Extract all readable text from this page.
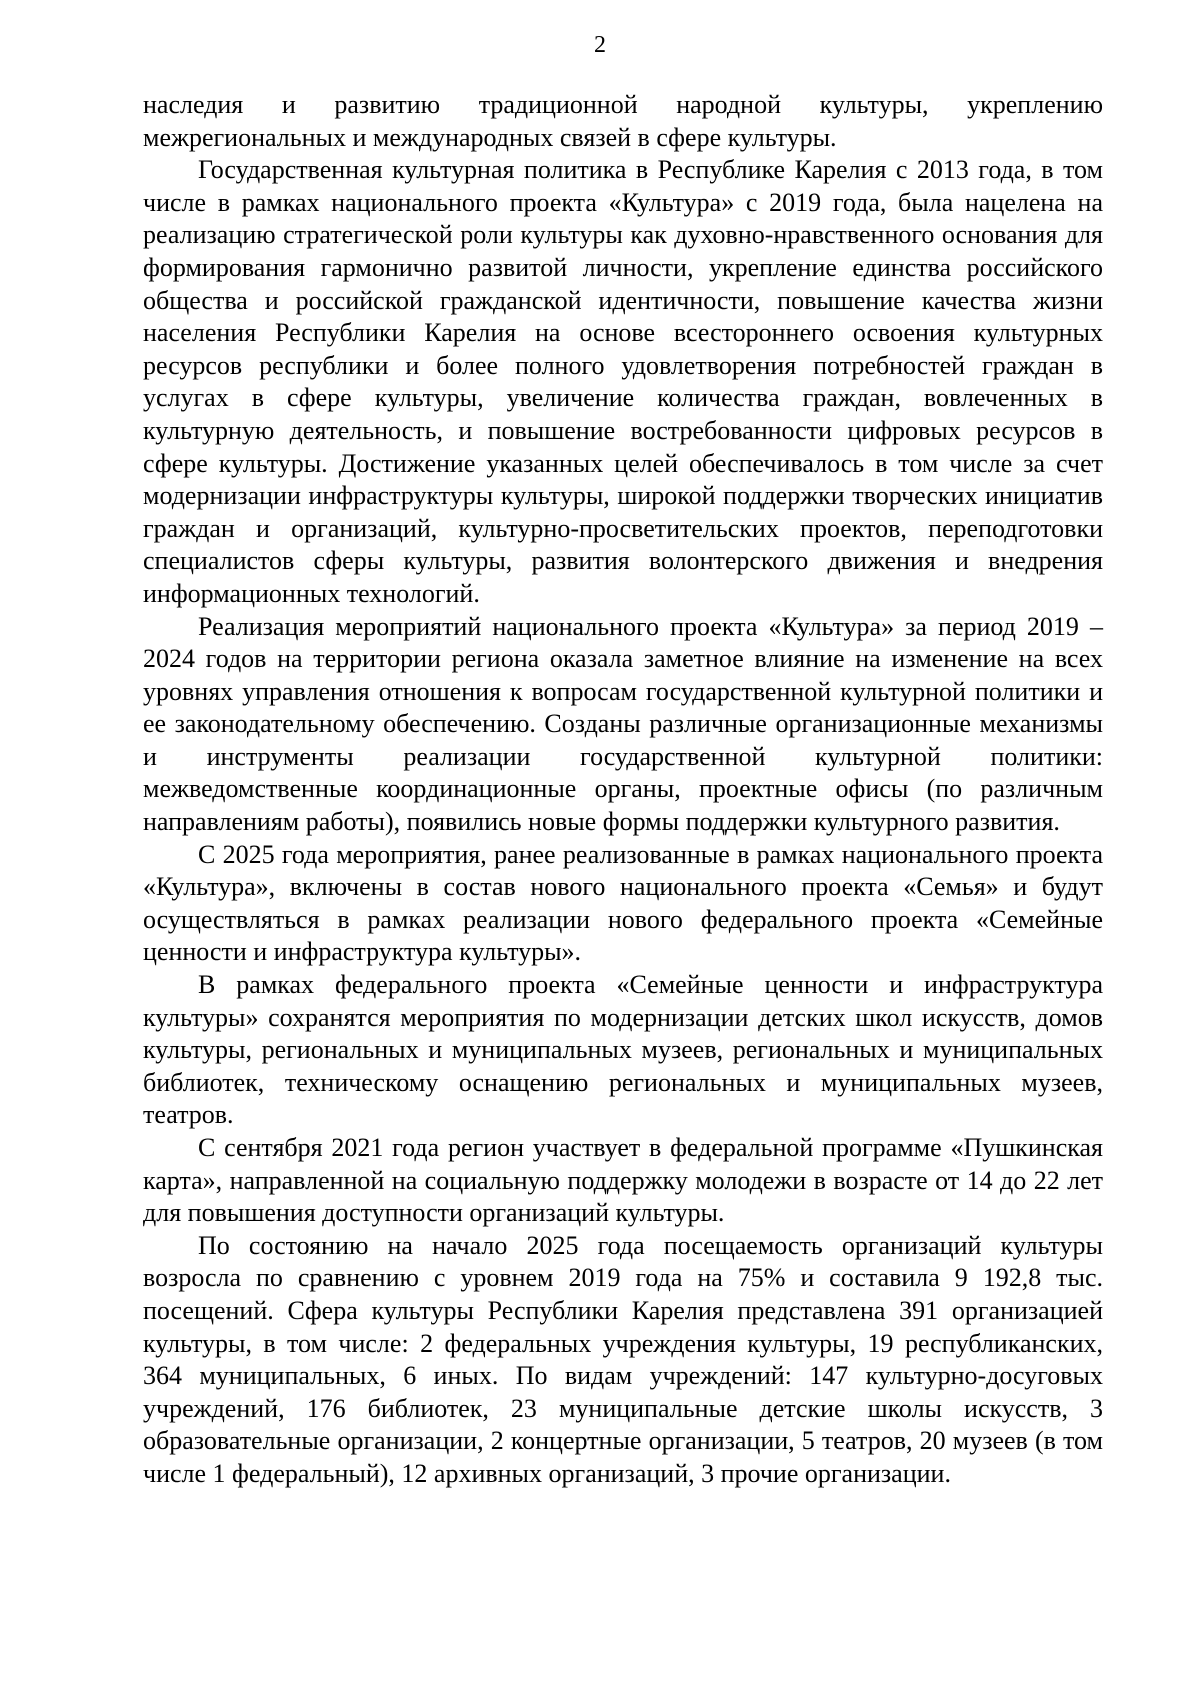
2

наследия и развитию традиционной народной культуры, укреплению межрегиональных и международных связей в сфере культуры.

Государственная культурная политика в Республике Карелия с 2013 года, в том числе в рамках национального проекта «Культура» с 2019 года, была нацелена на реализацию стратегической роли культуры как духовно-нравственного основания для формирования гармонично развитой личности, укрепление единства российского общества и российской гражданской идентичности, повышение качества жизни населения Республики Карелия на основе всестороннего освоения культурных ресурсов республики и более полного удовлетворения потребностей граждан в услугах в сфере культуры, увеличение количества граждан, вовлеченных в культурную деятельность, и повышение востребованности цифровых ресурсов в сфере культуры. Достижение указанных целей обеспечивалось в том числе за счет модернизации инфраструктуры культуры, широкой поддержки творческих инициатив граждан и организаций, культурно-просветительских проектов, переподготовки специалистов сферы культуры, развития волонтерского движения и внедрения информационных технологий.

Реализация мероприятий национального проекта «Культура» за период 2019 – 2024 годов на территории региона оказала заметное влияние на изменение на всех уровнях управления отношения к вопросам государственной культурной политики и ее законодательному обеспечению. Созданы различные организационные механизмы и инструменты реализации государственной культурной политики: межведомственные координационные органы, проектные офисы (по различным направлениям работы), появились новые формы поддержки культурного развития.

С 2025 года мероприятия, ранее реализованные в рамках национального проекта «Культура», включены в состав нового национального проекта «Семья» и будут осуществляться в рамках реализации нового федерального проекта «Семейные ценности и инфраструктура культуры».

В рамках федерального проекта «Семейные ценности и инфраструктура культуры» сохранятся мероприятия по модернизации детских школ искусств, домов культуры, региональных и муниципальных музеев, региональных и муниципальных библиотек, техническому оснащению региональных и муниципальных музеев, театров.

С сентября 2021 года регион участвует в федеральной программе «Пушкинская карта», направленной на социальную поддержку молодежи в возрасте от 14 до 22 лет для повышения доступности организаций культуры.

По состоянию на начало 2025 года посещаемость организаций культуры возросла по сравнению с уровнем 2019 года на 75% и составила 9 192,8 тыс. посещений. Сфера культуры Республики Карелия представлена 391 организацией культуры, в том числе: 2 федеральных учреждения культуры, 19 республиканских, 364 муниципальных, 6 иных. По видам учреждений: 147 культурно-досуговых учреждений, 176 библиотек, 23 муниципальные детские школы искусств, 3 образовательные организации, 2 концертные организации, 5 театров, 20 музеев (в том числе 1 федеральный), 12 архивных организаций, 3 прочие организации.
